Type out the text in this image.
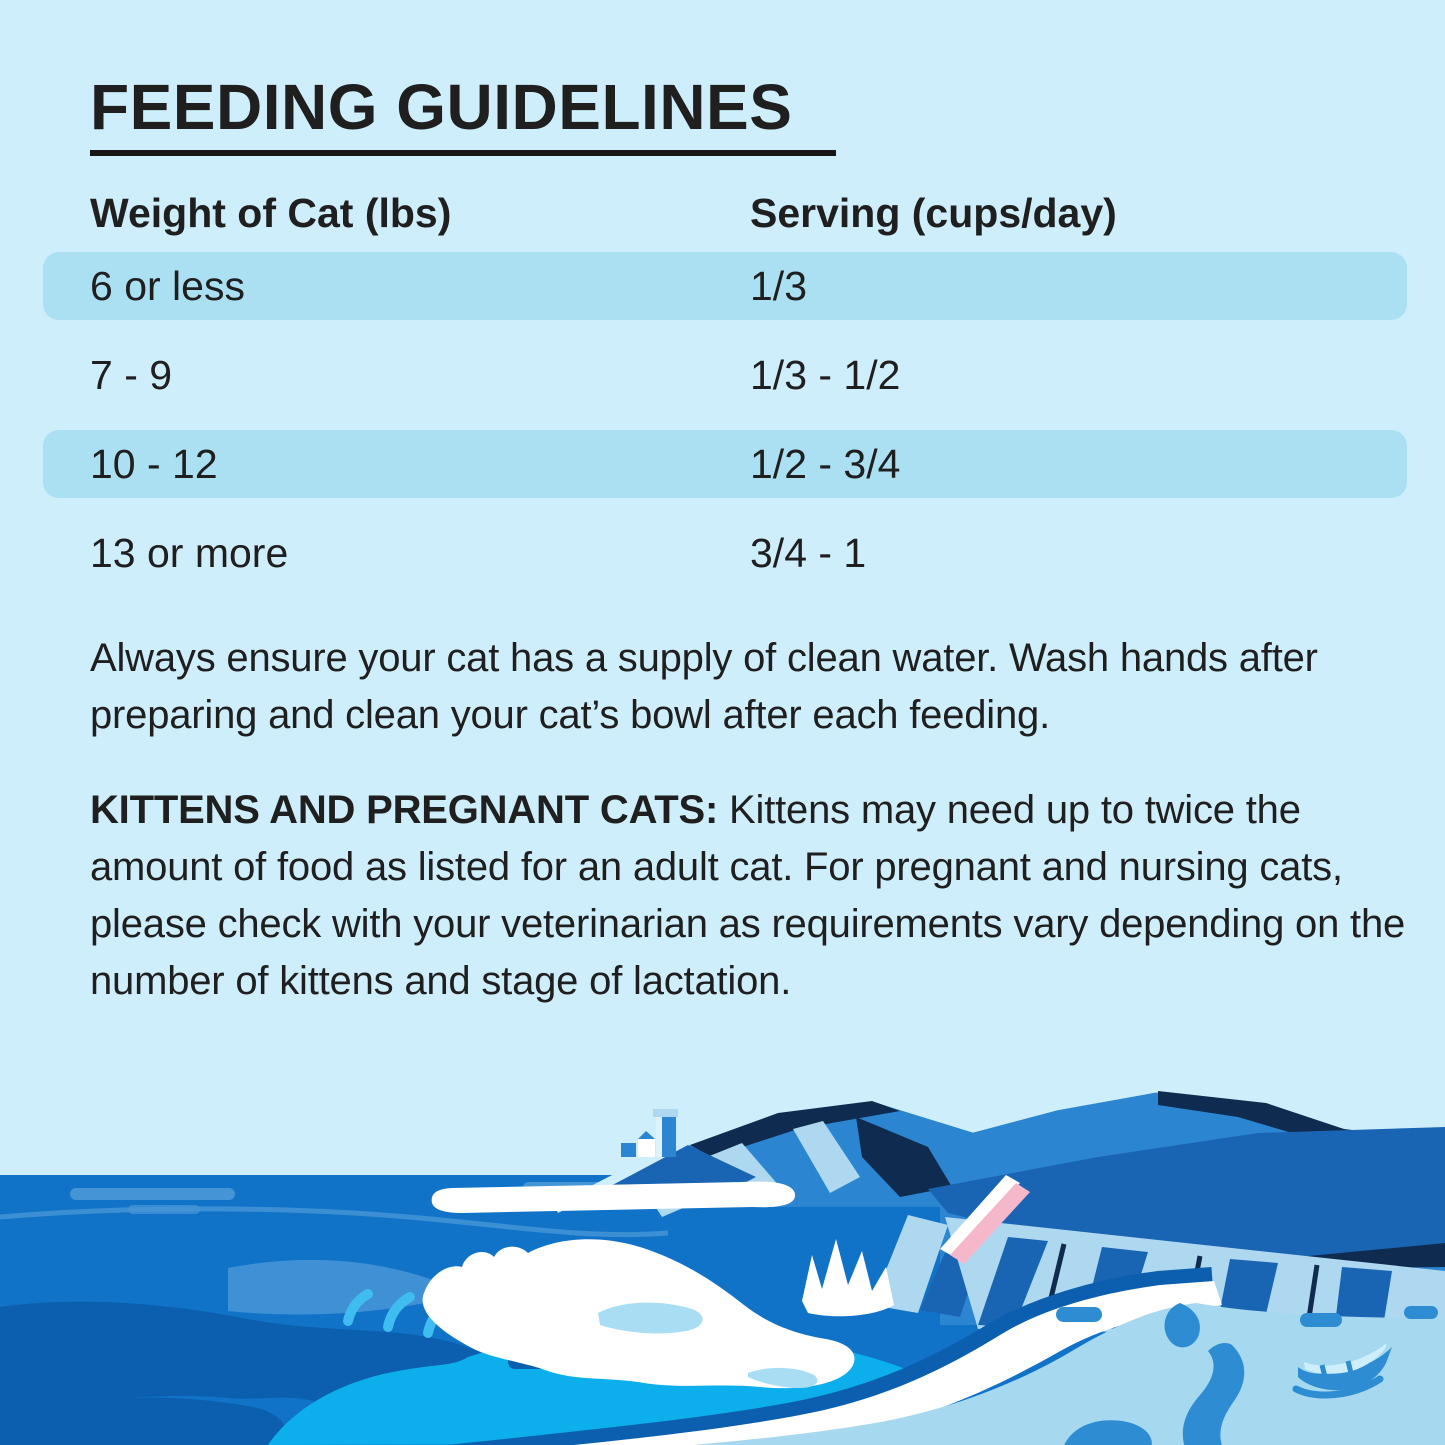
FEEDING GUIDELINES
Weight of Cat (lbs)	Serving (cups/day)
6 or less	1/3
7 - 9	1/3 - 1/2
10 - 12	1/2 - 3/4
13 or more	3/4 - 1
Always ensure your cat has a supply of clean water. Wash hands after preparing and clean your cat’s bowl after each feeding.
KITTENS AND PREGNANT CATS: Kittens may need up to twice the amount of food as listed for an adult cat. For pregnant and nursing cats, please check with your veterinarian as requirements vary depending on the number of kittens and stage of lactation.
